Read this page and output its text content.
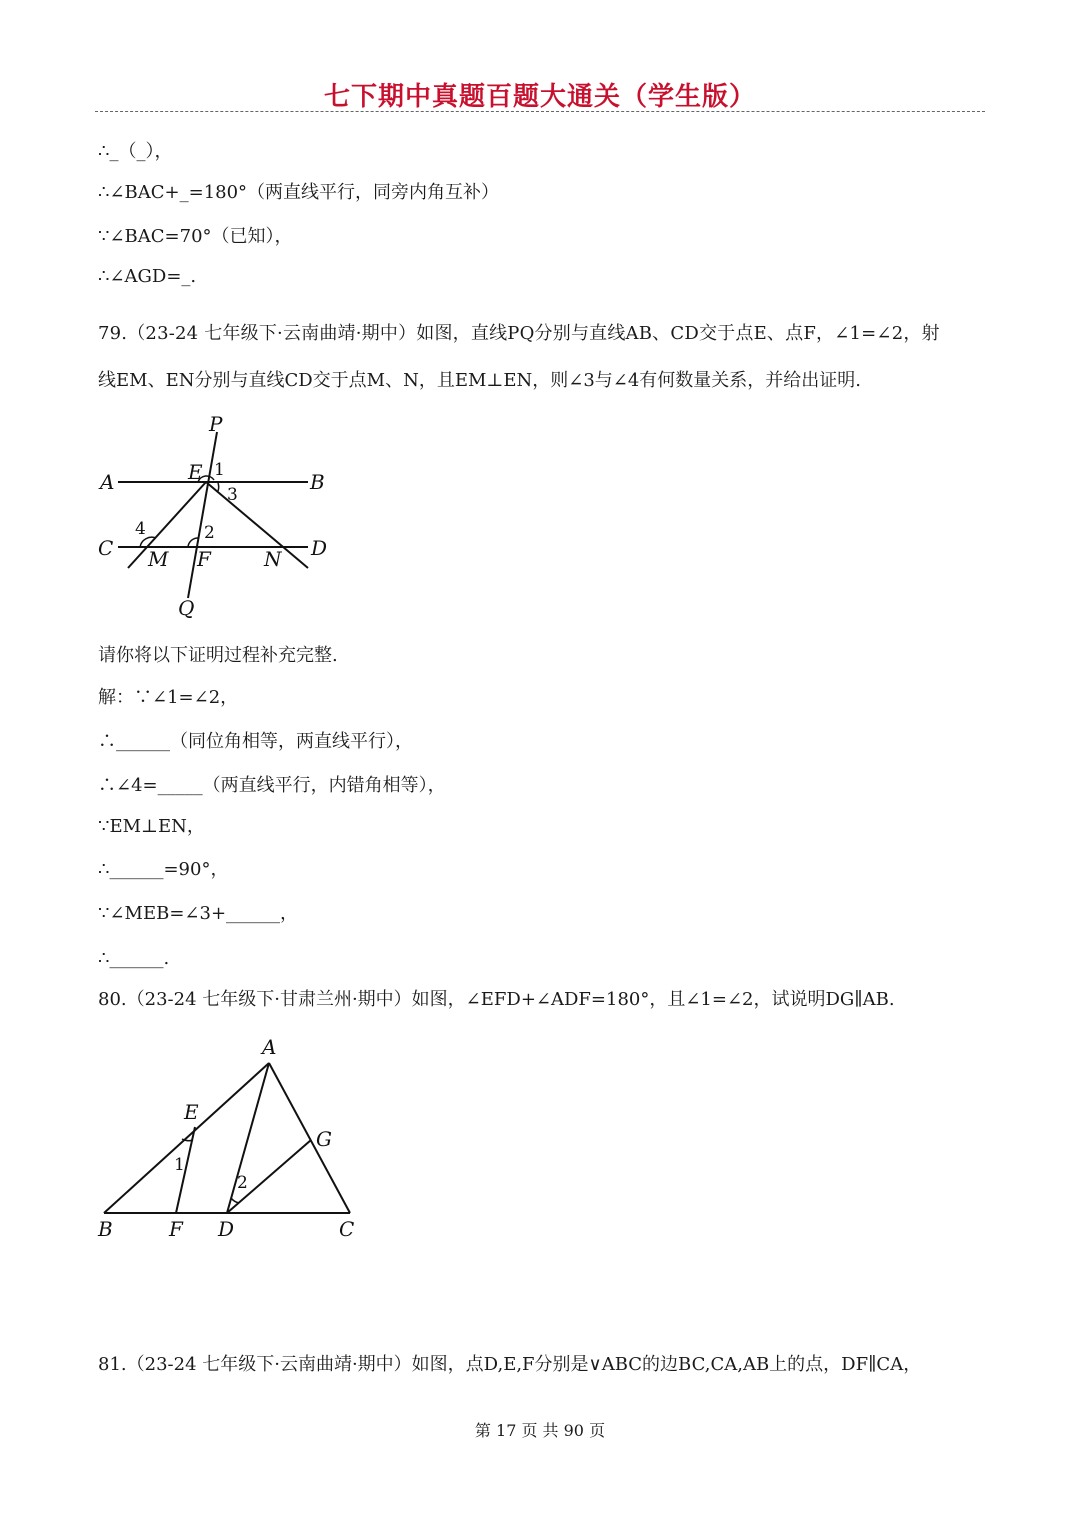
七下期中真题百题大通关（学生版）
∴_（_），
∴∠BAC+_=180°（两直线平行，同旁内角互补）
∵∠BAC=70°（已知），
∴∠AGD=_.
79.（23-24 七年级下·云南曲靖·期中）如图，直线PQ分别与直线AB、CD交于点E、点F，∠1=∠2，射
线EM、EN分别与直线CD交于点M、N，且EM⊥EN，则∠3与∠4有何数量关系，并给出证明.
P
E 1
A	B
3
4	2
C M F	N D
Q
请你将以下证明过程补充完整.
解：∵∠1=∠2，
∴______（同位角相等，两直线平行），
∴∠4=_____（两直线平行，内错角相等），
∵EM⊥EN，
∴______=90°，
∵∠MEB=∠3+______，
∴______.
80.（23-24 七年级下·甘肃兰州·期中）如图，∠EFD+∠ADF=180°，且∠1=∠2，试说明DG∥AB.
A
E
G
1
2
B	F D	C
81.（23-24 七年级下·云南曲靖·期中）如图，点D,E,F分别是∨ABC的边BC,CA,AB上的点，DF∥CA，
第 17 页 共 90 页
